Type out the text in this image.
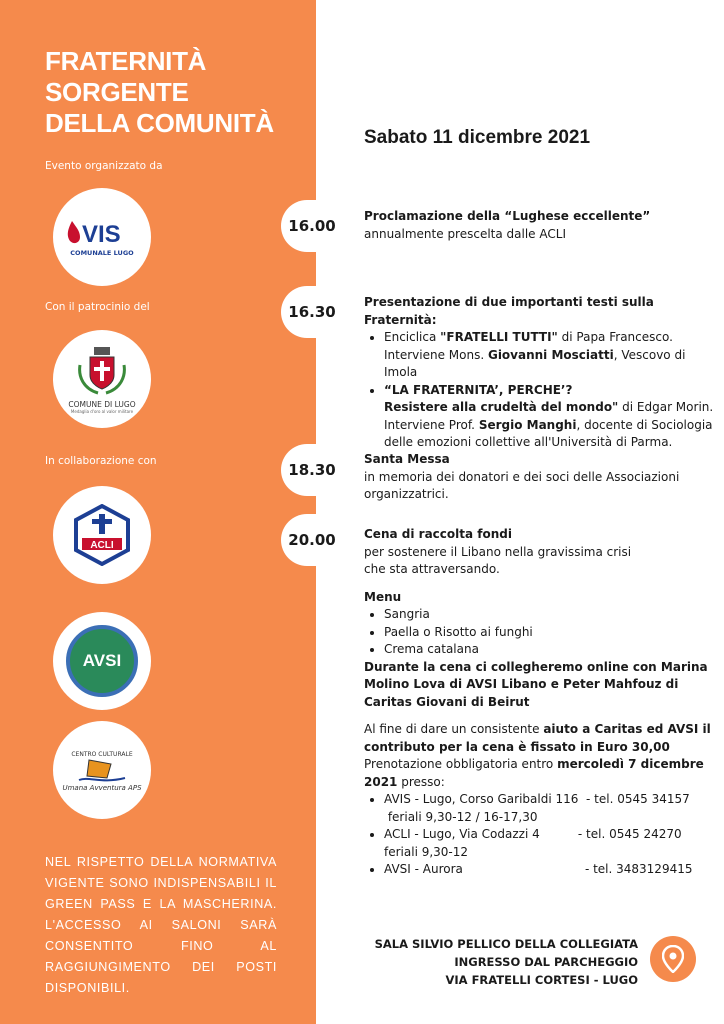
FRATERNITÀ
SORGENTE
DELLA COMUNITÀ
Evento organizzato da
VIS
COMUNALE LUGO
Con il patrocinio del
COMUNE DI LUGO
Medaglia d'oro al valor militare
In collaborazione con
ACLI
AVSI
CENTRO CULTURALE
Umana Avventura APS
NEL RISPETTO DELLA NORMATIVA VIGENTE SONO INDISPENSABILI IL GREEN PASS E LA MASCHERINA. L'ACCESSO AI SALONI SARÀ CONSENTITO FINO AL RAGGIUNGIMENTO DEI POSTI DISPONIBILI.
Sabato 11 dicembre 2021
16.00
Proclamazione della “Lughese eccellente”
annualmente prescelta dalle ACLI
16.30
Presentazione di due importanti testi sulla Fraternità:
• Enciclica "FRATELLI TUTTI" di Papa Francesco.
Interviene Mons. Giovanni Mosciatti, Vescovo di Imola
• “LA FRATERNITA’, PERCHE’?
Resistere alla crudeltà del mondo" di Edgar Morin.
Interviene Prof. Sergio Manghi, docente di Sociologia
delle emozioni collettive all'Università di Parma.
18.30
Santa Messa
in memoria dei donatori e dei soci delle Associazioni
organizzatrici.
20.00	Cena di raccolta fondi
per sostenere il Libano nella gravissima crisi
che sta attraversando.
Menu
• Sangria
• Paella o Risotto ai funghi
• Crema catalana
Durante la cena ci collegheremo online con Marina
Molino Lova di AVSI Libano e Peter Mahfouz di
Caritas Giovani di Beirut
Al fine di dare un consistente aiuto a Caritas ed AVSI il
contributo per la cena è fissato in Euro 30,00
Prenotazione obbligatoria entro mercoledì 7 dicembre
2021 presso:
• AVIS - Lugo, Corso Garibaldi 116  - tel. 0545 34157
feriali 9,30-12 / 16-17,30
• ACLI - Lugo, Via Codazzi 4          - tel. 0545 24270
feriali 9,30-12
• AVSI - Aurora                                - tel. 3483129415
SALA SILVIO PELLICO DELLA COLLEGIATA
INGRESSO DAL PARCHEGGIO
VIA FRATELLI CORTESI - LUGO
